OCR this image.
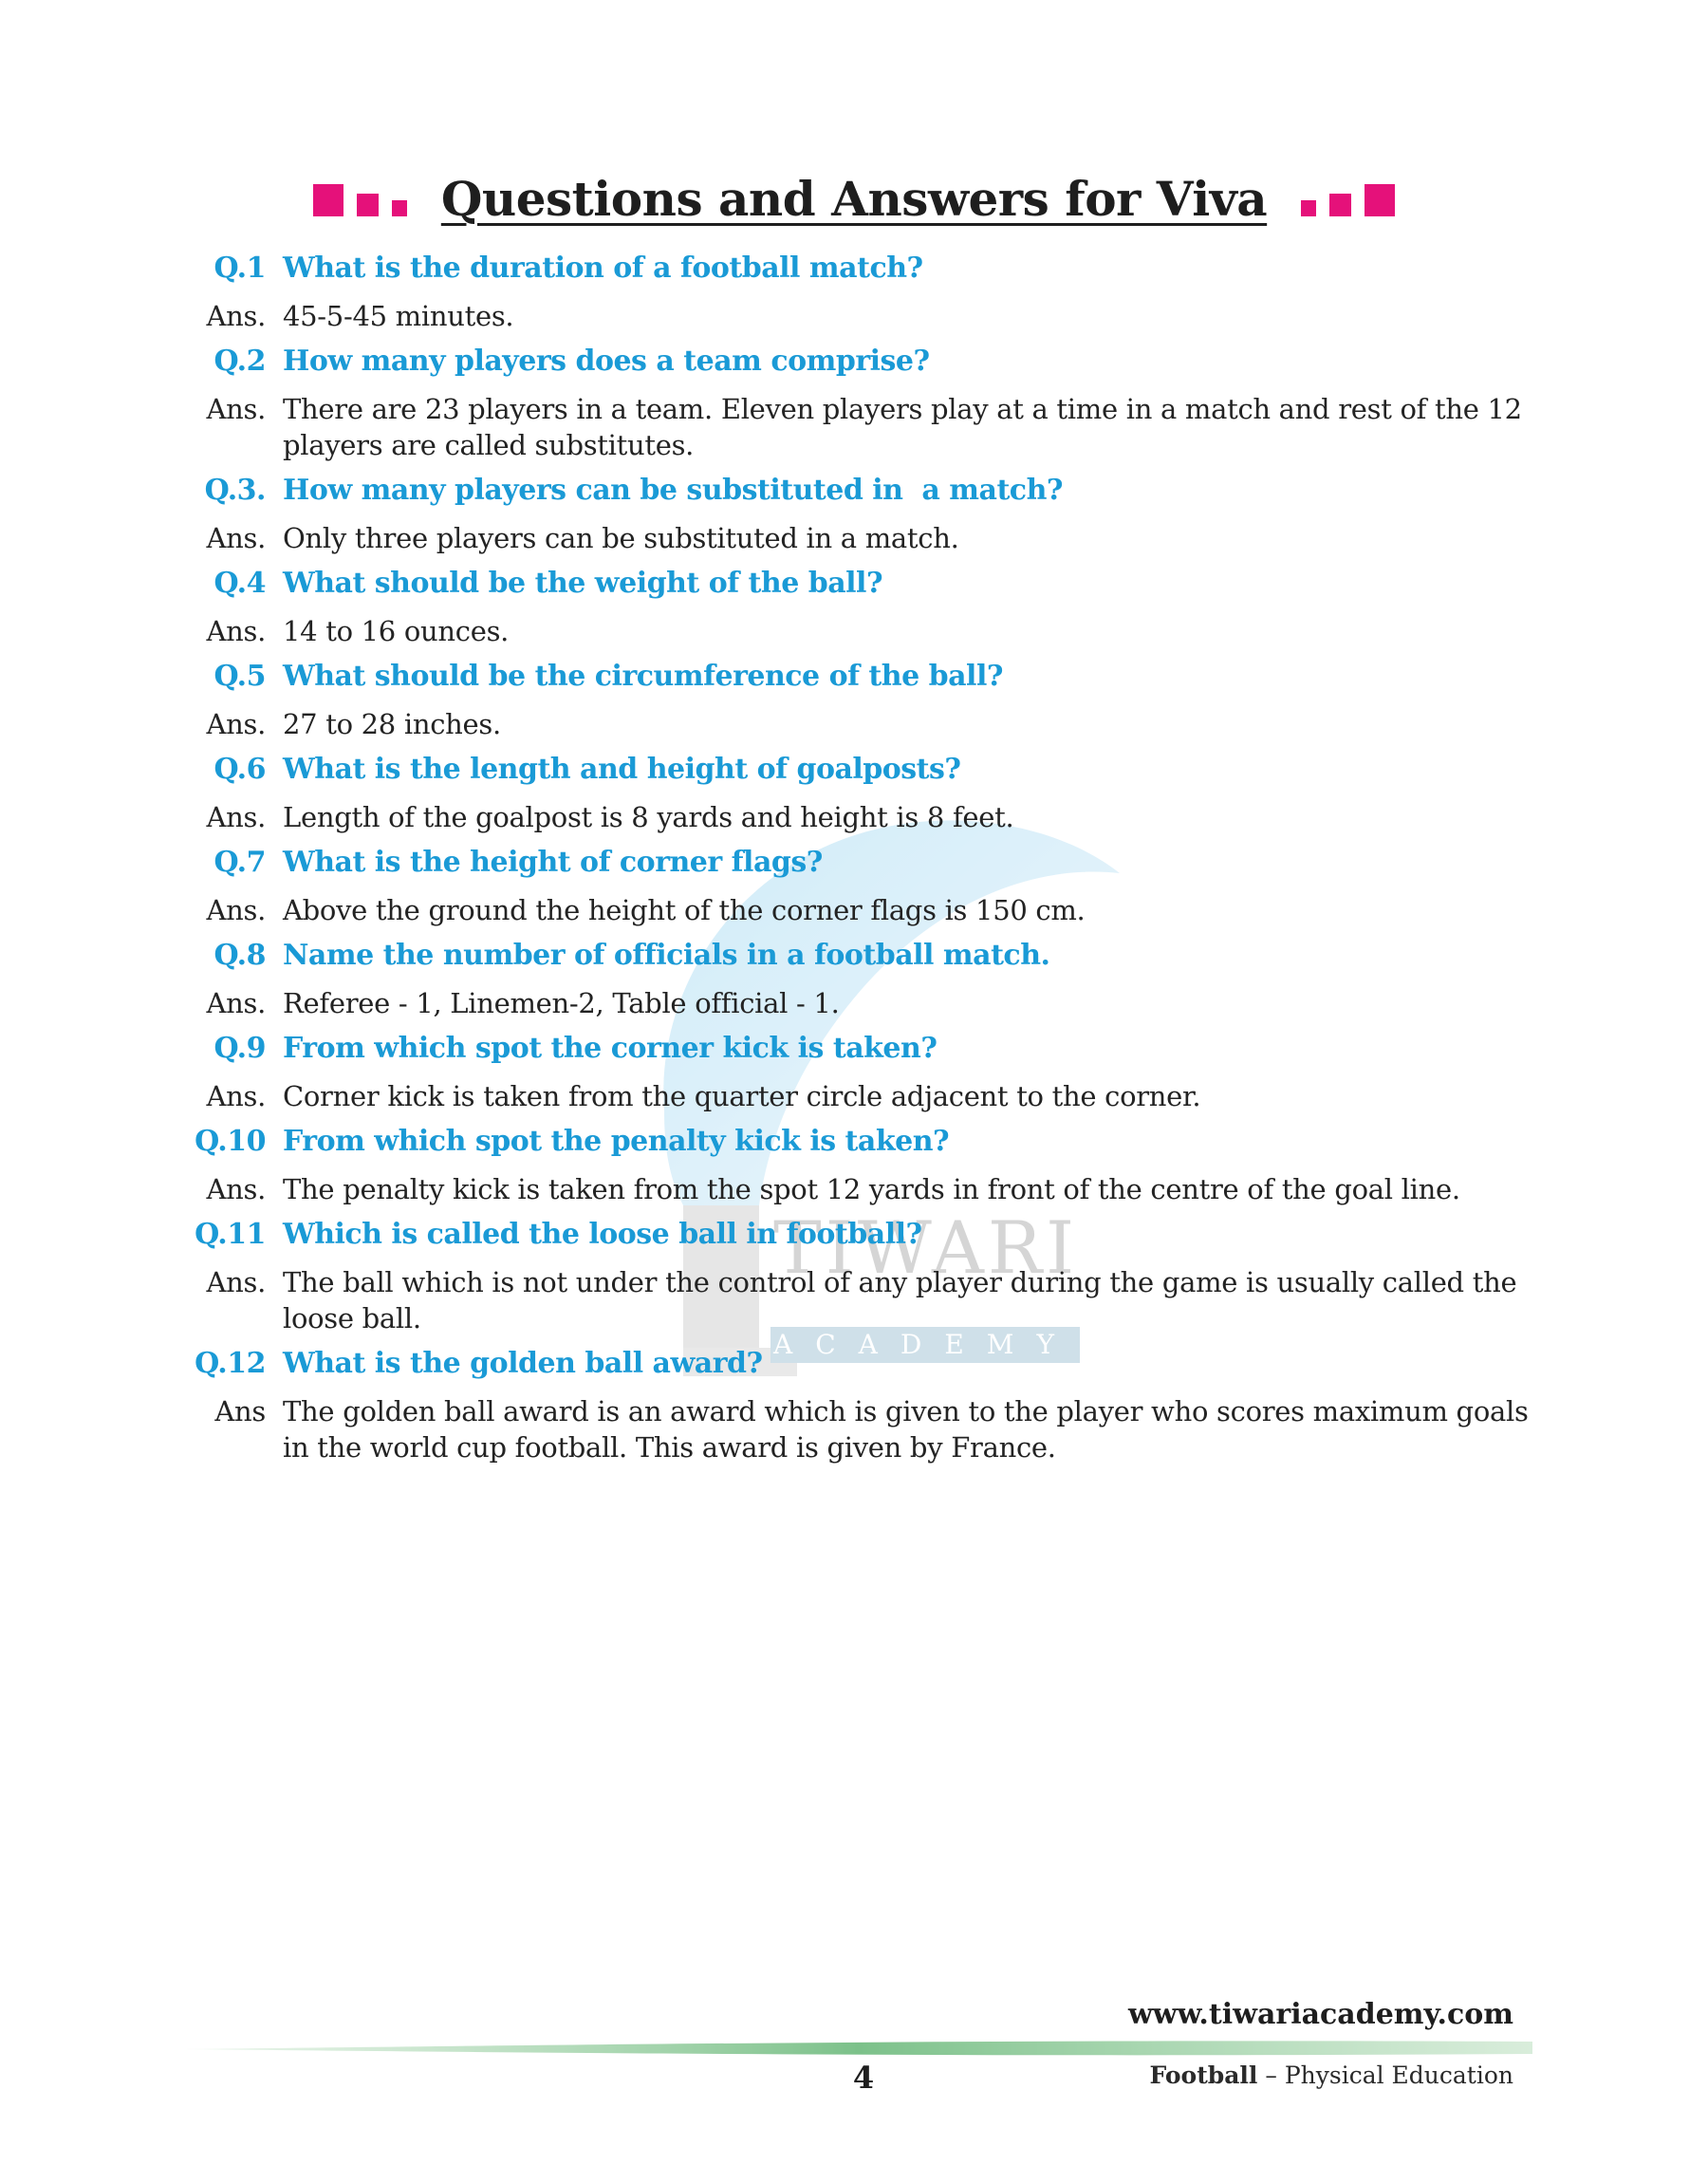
TIWARI
ACADEMY
Questions and Answers for Viva
Q.1 What is the duration of a football match?
Ans. 45-5-45 minutes.
Q.2 How many players does a team comprise?
Ans. There are 23 players in a team. Eleven players play at a time in a match and rest of the 12 players are called substitutes.
Q.3. How many players can be substituted in  a match?
Ans. Only three players can be substituted in a match.
Q.4 What should be the weight of the ball?
Ans. 14 to 16 ounces.
Q.5 What should be the circumference of the ball?
Ans. 27 to 28 inches.
Q.6 What is the length and height of goalposts?
Ans. Length of the goalpost is 8 yards and height is 8 feet.
Q.7 What is the height of corner flags?
Ans. Above the ground the height of the corner flags is 150 cm.
Q.8 Name the number of officials in a football match.
Ans. Referee - 1, Linemen-2, Table official - 1.
Q.9 From which spot the corner kick is taken?
Ans. Corner kick is taken from the quarter circle adjacent to the corner.
Q.10 From which spot the penalty kick is taken?
Ans. The penalty kick is taken from the spot 12 yards in front of the centre of the goal line.
Q.11 Which is called the loose ball in football?
Ans. The ball which is not under the control of any player during the game is usually called the loose ball.
Q.12 What is the golden ball award?
Ans The golden ball award is an award which is given to the player who scores maximum goals in the world cup football. This award is given by France.
www.tiwariacademy.com
4	Football – Physical Education
